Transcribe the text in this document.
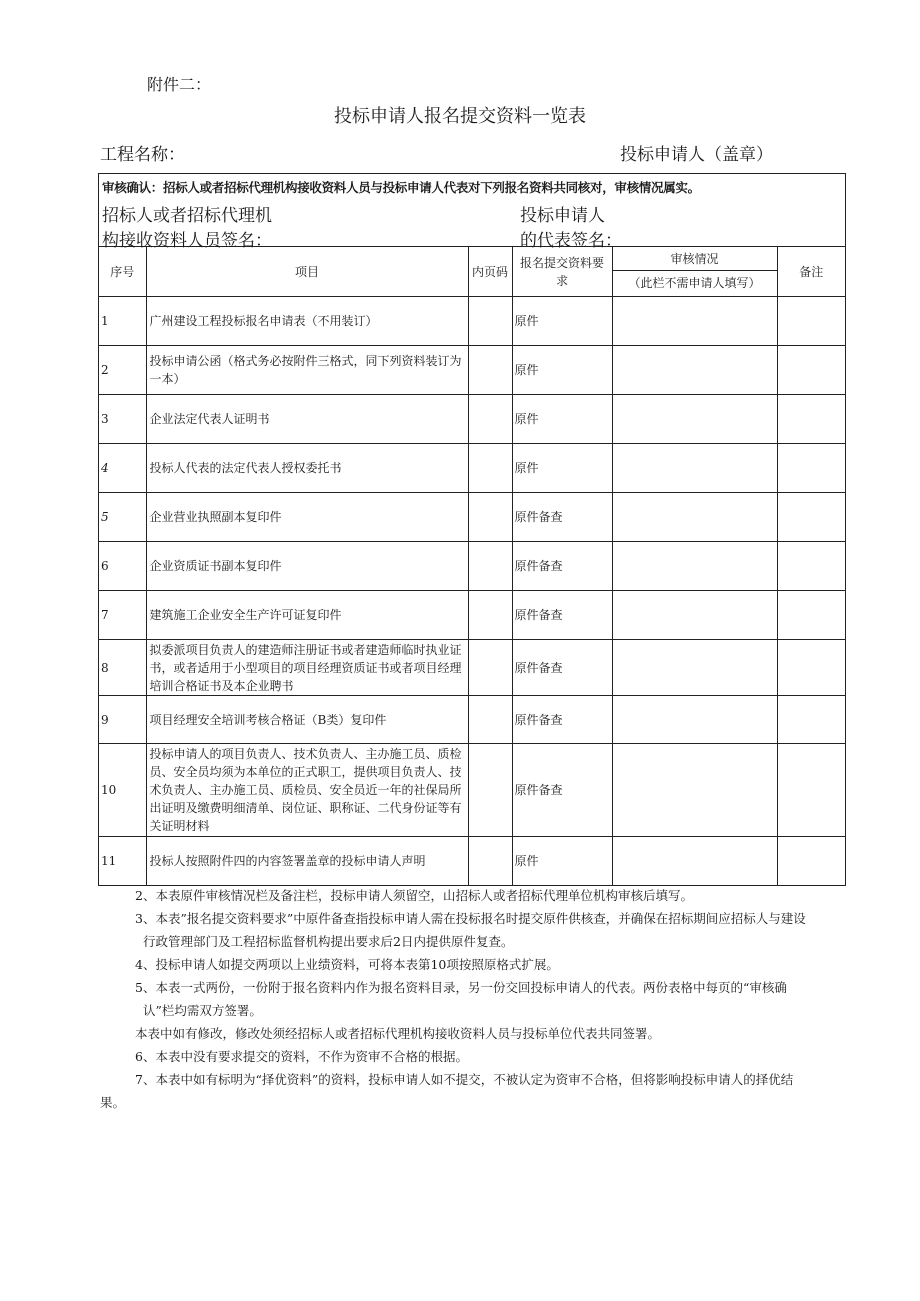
附件二：
投标申请人报名提交资料一览表
工程名称：	投标申请人（盖章）
审核确认：招标人或者招标代理机构接收资料人员与投标申请人代表对下列报名资料共同核对，审核情况属实。
招标人或者招标代理机
构接收资料人员签名：
投标申请人
的代表签名：
序号	项目	内页码	报名提交资料要求	审核情况
（此栏不需申请人填写）	备注
1	广州建设工程投标报名申请表（不用装订）		原件		
2	投标申请公函（格式务必按附件三格式，同下列资料装订为一本）		原件		
3	企业法定代表人证明书		原件		
4	投标人代表的法定代表人授权委托书		原件		
5	企业营业执照副本复印件		原件备查		
6	企业资质证书副本复印件		原件备查		
7	建筑施工企业安全生产许可证复印件		原件备查		
8	拟委派项目负责人的建造师注册证书或者建造师临时执业证书，或者适用于小型项目的项目经理资质证书或者项目经理培训合格证书及本企业聘书		原件备查		
9	项目经理安全培训考核合格证（B类）复印件		原件备查		
10	投标申请人的项目负责人、技术负责人、主办施工员、质检员、安全员均须为本单位的正式职工，提供项目负责人、技术负责人、主办施工员、质检员、安全员近一年的社保局所出证明及缴费明细清单、岗位证、职称证、二代身份证等有关证明材料		原件备查		
11	投标人按照附件四的内容签署盖章的投标申请人声明		原件		

2、本表原件审核情况栏及备注栏，投标申请人须留空，山招标人或者招标代理单位机构审核后填写。

3、本表”报名提交资料要求”中原件备查指投标申请人需在投标报名时提交原件供核查，并确保在招标期间应招标人与建设

行政管理部门及工程招标监督机构提出要求后2日内提供原件复查。

4、投标申请人如提交两项以上业绩资料，可将本表第10项按照原格式扩展。

5、本表一式两份，一份附于报名资料内作为报名资料目录，另一份交回投标申请人的代表。两份表格中每页的“审核确

认”栏均需双方签署。

本表中如有修改，修改处须经招标人或者招标代理机构接收资料人员与投标单位代表共同签署。

6、本表中没有要求提交的资料，不作为资审不合格的根据。

7、本表中如有标明为“择优资料”的资料，投标申请人如不提交，不被认定为资审不合格，但将影响投标申请人的择优结

果。
